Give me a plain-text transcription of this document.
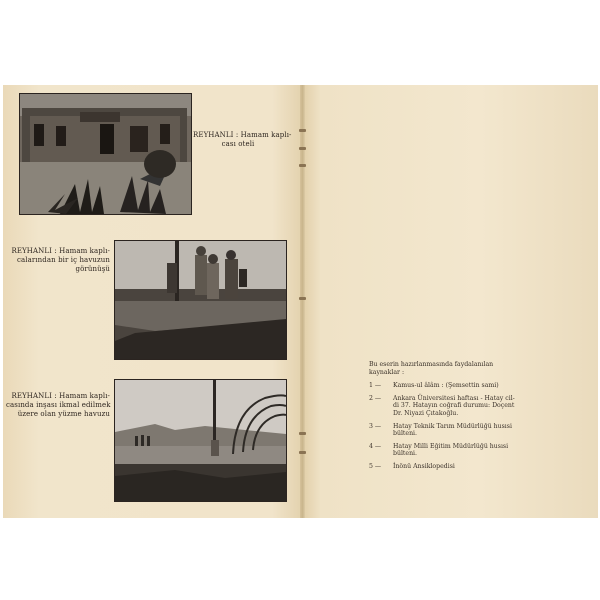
REYHANLI : Hamam kaplı-
cası oteli
REYHANLI : Hamam kaplı-
calarından bir iç havuzun
görünüşü
REYHANLI : Hamam kaplı-
casında inşası ikmal edilmek
üzere olan yüzme havuzu
Bu eserin hazırlanmasında faydalanılan
kaynaklar :
1 — Kamus-ul âlâm : (Şemsettin sami)
2 — Ankara Üniversitesi haftası - Hatay cil-
di 37. Hatayın coğrafi durumu: Doçent
Dr. Niyazi Çıtakoğlu.
3 — Hatay Teknik Tarım Müdürlüğü husısi
bülteni.
4 — Hatay Milli Eğitim Müdürlüğü husısi
bülteni.
5 — İnönü Ansiklopedisi
